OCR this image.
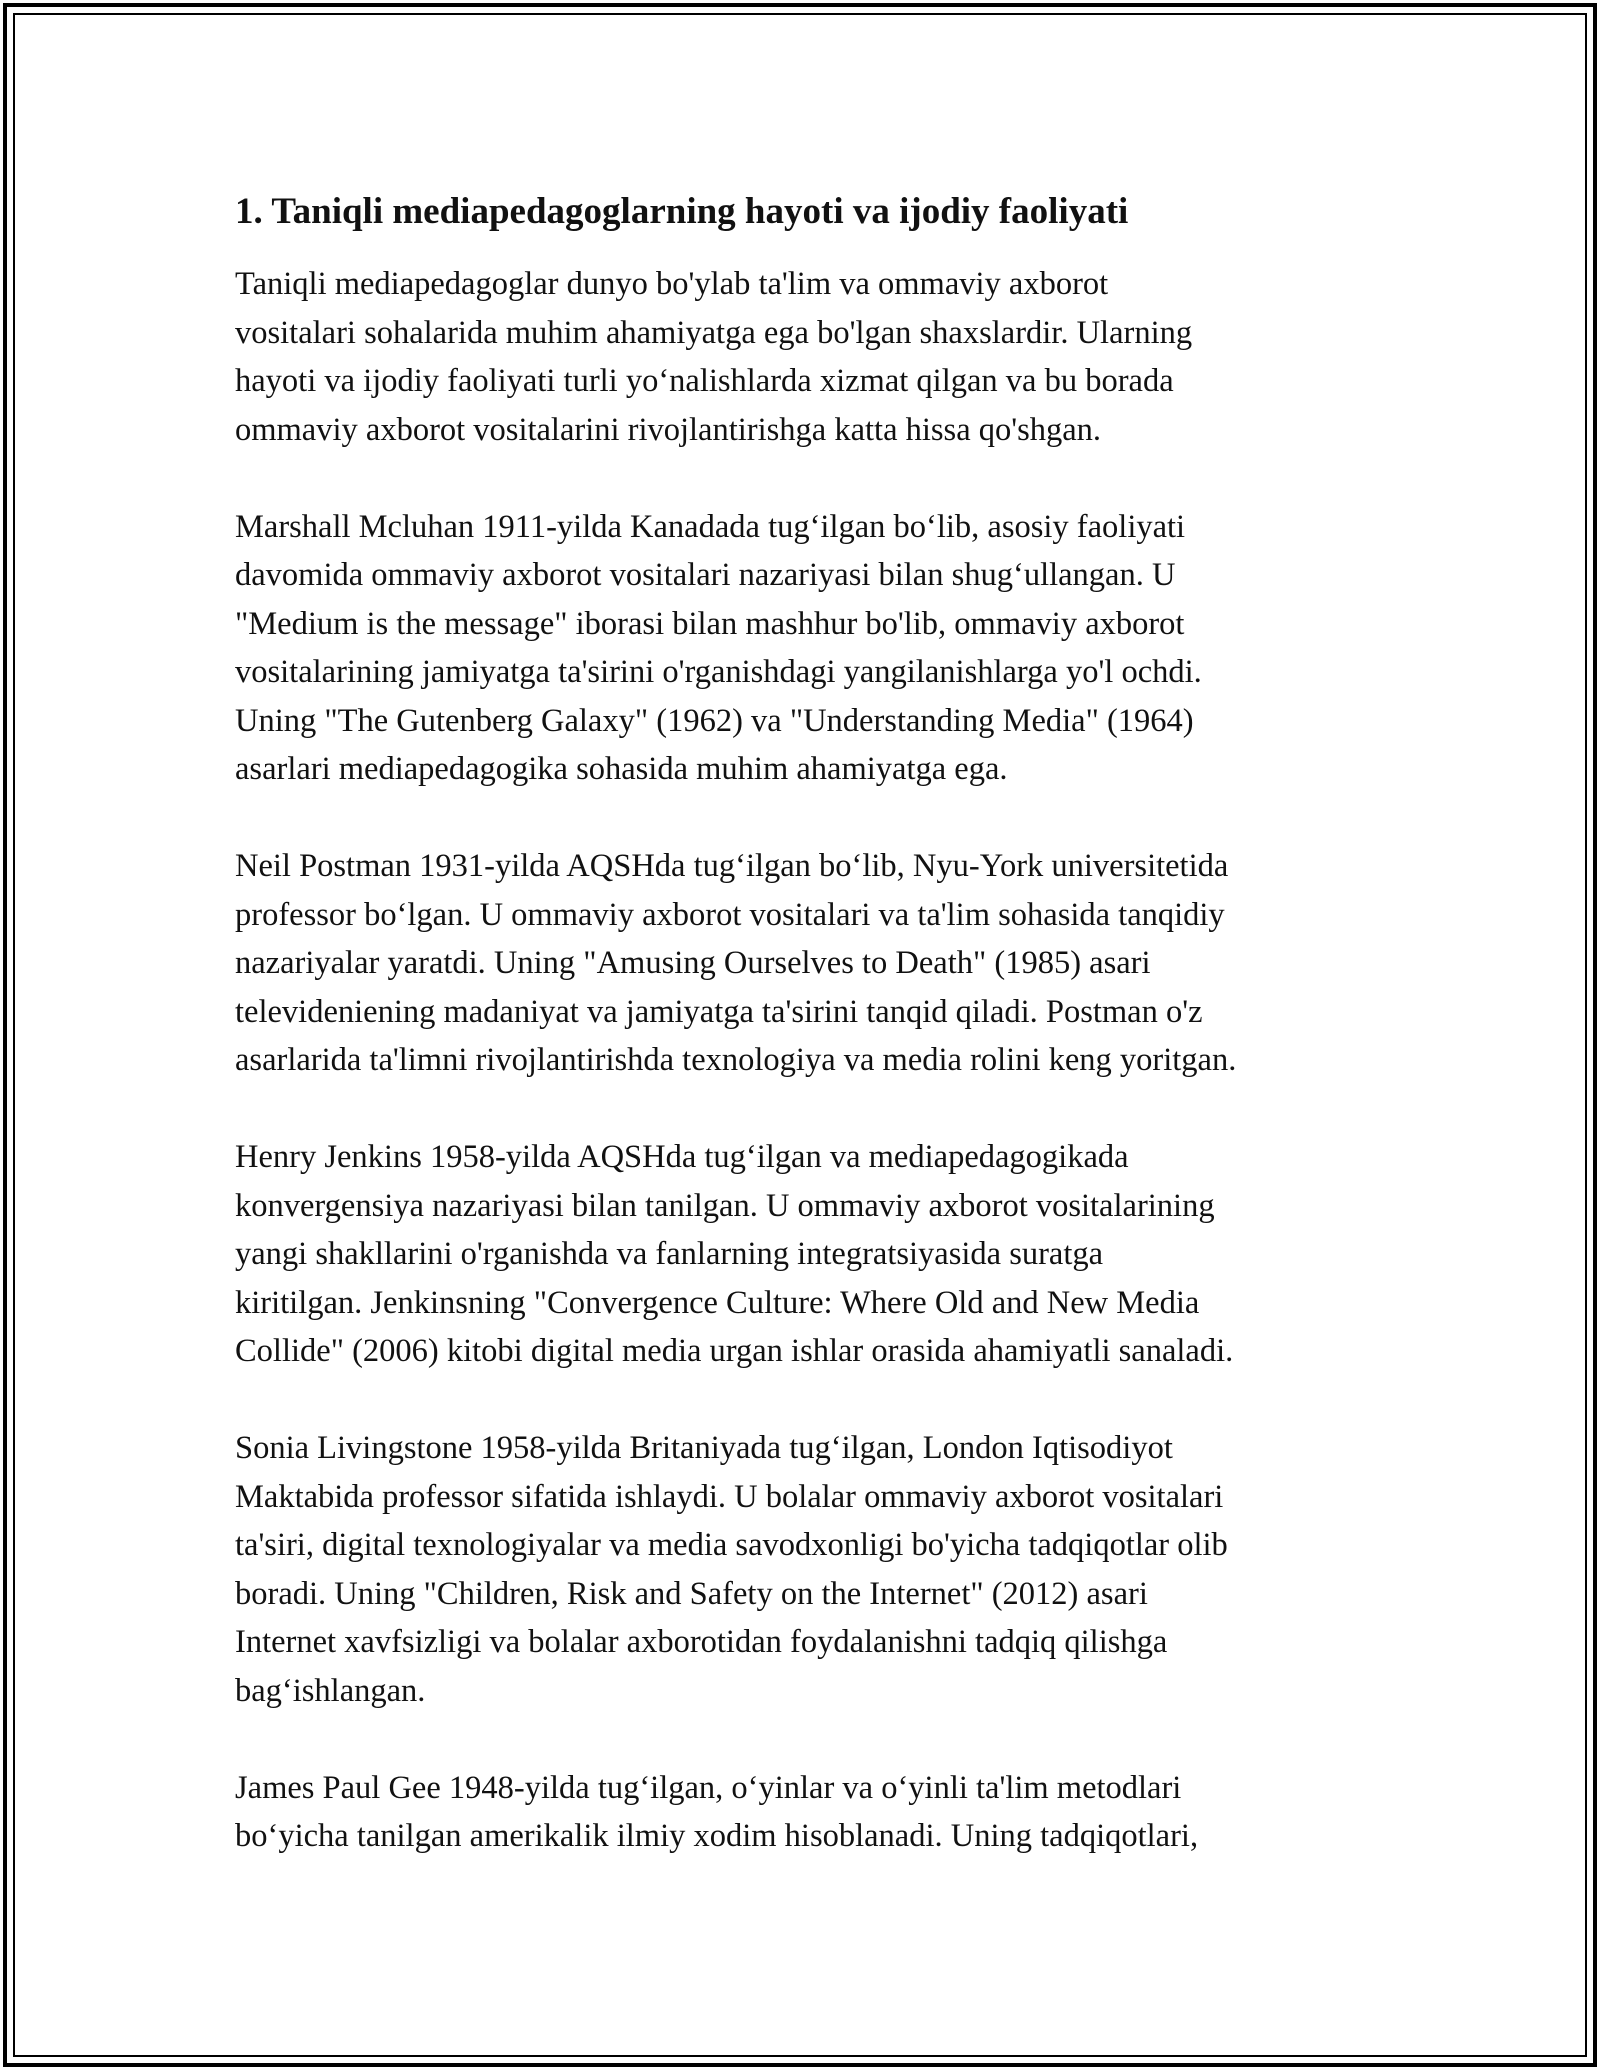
1. Taniqli mediapedagoglarning hayoti va ijodiy faoliyati

Taniqli mediapedagoglar dunyo bo'ylab ta'lim va ommaviy axborot
vositalari sohalarida muhim ahamiyatga ega bo'lgan shaxslardir. Ularning
hayoti va ijodiy faoliyati turli yo‘nalishlarda xizmat qilgan va bu borada
ommaviy axborot vositalarini rivojlantirishga katta hissa qo'shgan.

Marshall Mcluhan 1911-yilda Kanadada tug‘ilgan bo‘lib, asosiy faoliyati
davomida ommaviy axborot vositalari nazariyasi bilan shug‘ullangan. U
"Medium is the message" iborasi bilan mashhur bo'lib, ommaviy axborot
vositalarining jamiyatga ta'sirini o'rganishdagi yangilanishlarga yo'l ochdi.
Uning "The Gutenberg Galaxy" (1962) va "Understanding Media" (1964)
asarlari mediapedagogika sohasida muhim ahamiyatga ega.

Neil Postman 1931-yilda AQSHda tug‘ilgan bo‘lib, Nyu-York universitetida
professor bo‘lgan. U ommaviy axborot vositalari va ta'lim sohasida tanqidiy
nazariyalar yaratdi. Uning "Amusing Ourselves to Death" (1985) asari
televideniening madaniyat va jamiyatga ta'sirini tanqid qiladi. Postman o'z
asarlarida ta'limni rivojlantirishda texnologiya va media rolini keng yoritgan.

Henry Jenkins 1958-yilda AQSHda tug‘ilgan va mediapedagogikada
konvergensiya nazariyasi bilan tanilgan. U ommaviy axborot vositalarining
yangi shakllarini o'rganishda va fanlarning integratsiyasida suratga
kiritilgan. Jenkinsning "Convergence Culture: Where Old and New Media
Collide" (2006) kitobi digital media urgan ishlar orasida ahamiyatli sanaladi.

Sonia Livingstone 1958-yilda Britaniyada tug‘ilgan, London Iqtisodiyot
Maktabida professor sifatida ishlaydi. U bolalar ommaviy axborot vositalari
ta'siri, digital texnologiyalar va media savodxonligi bo'yicha tadqiqotlar olib
boradi. Uning "Children, Risk and Safety on the Internet" (2012) asari
Internet xavfsizligi va bolalar axborotidan foydalanishni tadqiq qilishga
bag‘ishlangan.

James Paul Gee 1948-yilda tug‘ilgan, o‘yinlar va o‘yinli ta'lim metodlari
bo‘yicha tanilgan amerikalik ilmiy xodim hisoblanadi. Uning tadqiqotlari,
